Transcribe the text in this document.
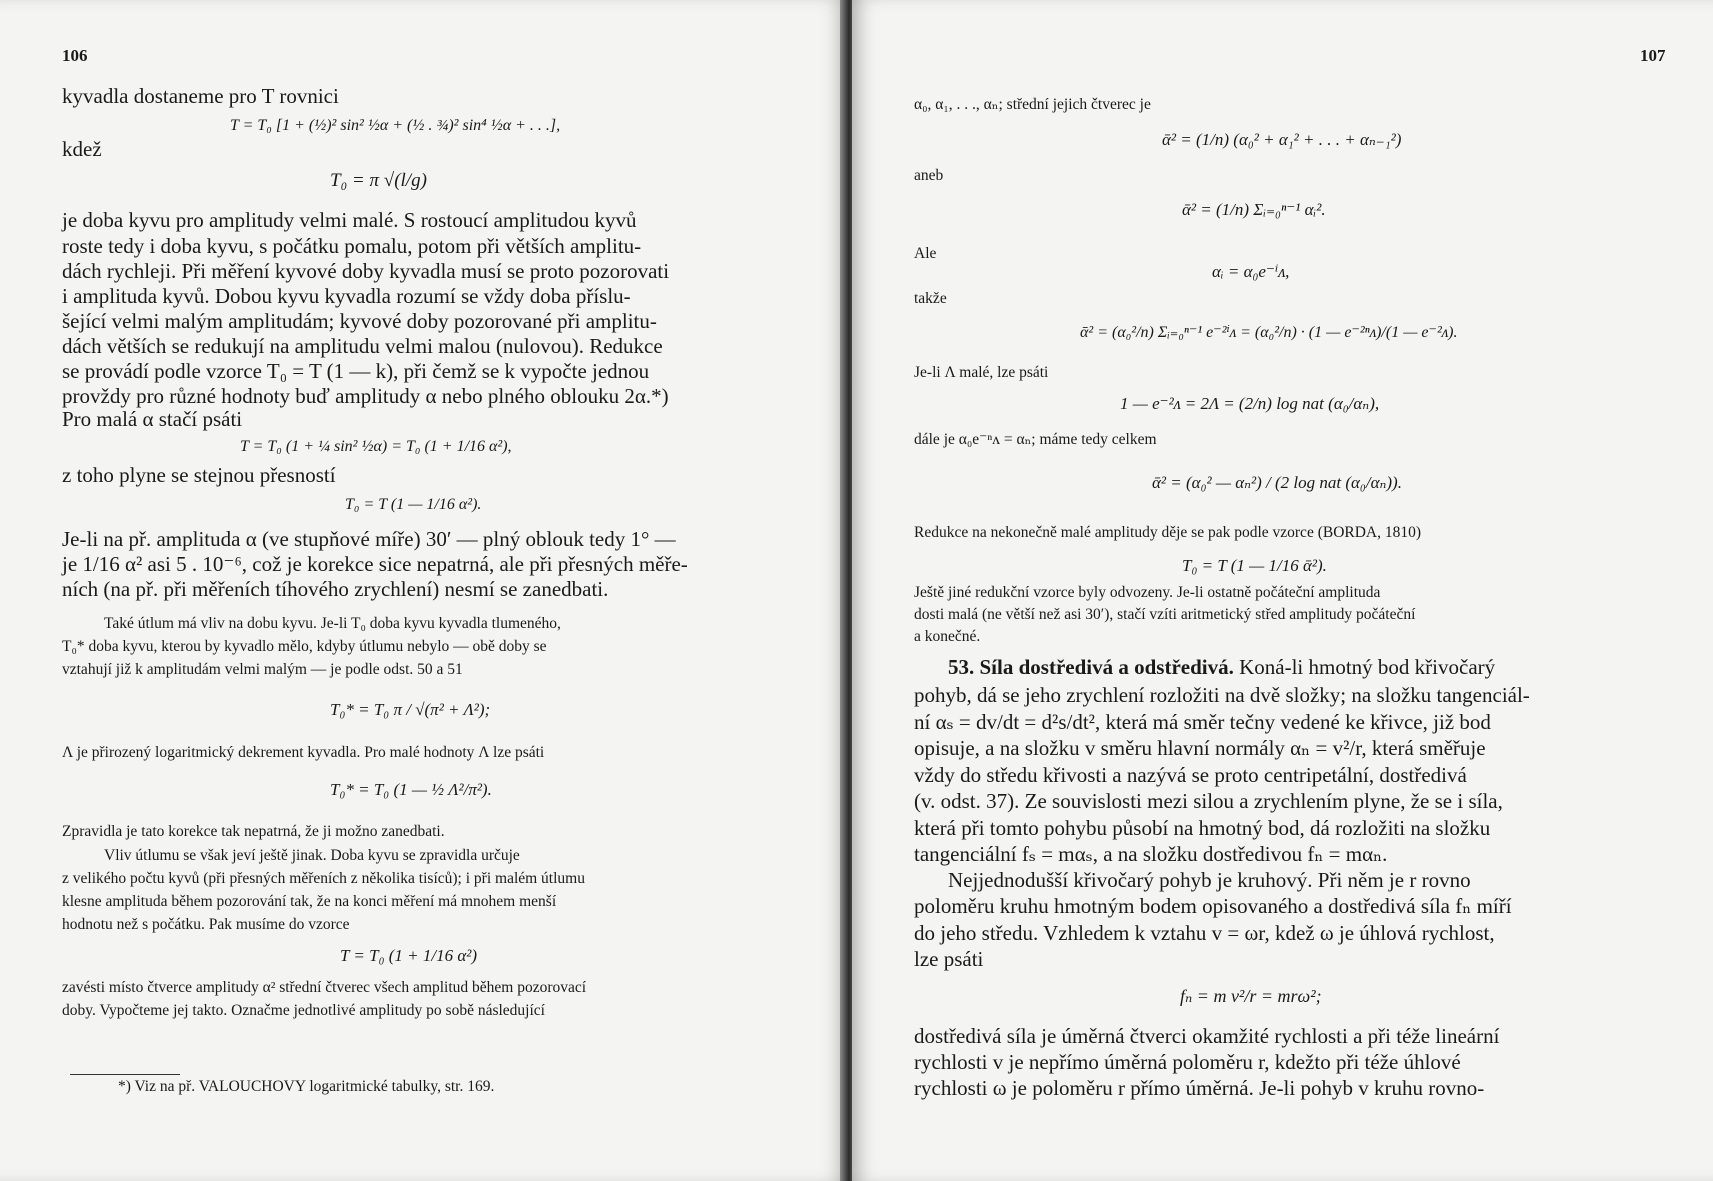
106
kyvadla dostaneme pro T rovnici
T = T₀ [1 + (½)² sin² ½α + (½ . ¾)² sin⁴ ½α + . . .],
kdež
T₀ = π √(l/g)
je doba kyvu pro amplitudy velmi malé. S rostoucí amplitudou kyvů
roste tedy i doba kyvu, s počátku pomalu, potom při větších amplitu-
dách rychleji. Při měření kyvové doby kyvadla musí se proto pozorovati
i amplituda kyvů. Dobou kyvu kyvadla rozumí se vždy doba příslu-
šející velmi malým amplitudám; kyvové doby pozorované při amplitu-
dách větších se redukují na amplitudu velmi malou (nulovou). Redukce
se provádí podle vzorce T₀ = T (1 — k), při čemž se k vypočte jednou
provždy pro různé hodnoty buď amplitudy α nebo plného oblouku 2α.*)
Pro malá α stačí psáti
T = T₀ (1 + ¼ sin² ½α) = T₀ (1 + 1/16 α²),
z toho plyne se stejnou přesností
T₀ = T (1 — 1/16 α²).
Je-li na př. amplituda α (ve stupňové míře) 30′ — plný oblouk tedy 1° —
je 1/16 α² asi 5 . 10⁻⁶, což je korekce sice nepatrná, ale při přesných měře-
ních (na př. při měřeních tíhového zrychlení) nesmí se zanedbati.
Také útlum má vliv na dobu kyvu. Je-li T₀ doba kyvu kyvadla tlumeného,
T₀* doba kyvu, kterou by kyvadlo mělo, kdyby útlumu nebylo — obě doby se
vztahují již k amplitudám velmi malým — je podle odst. 50 a 51
T₀* = T₀ π / √(π² + Λ²);
Λ je přirozený logaritmický dekrement kyvadla. Pro malé hodnoty Λ lze psáti
T₀* = T₀ (1 — ½ Λ²/π²).
Zpravidla je tato korekce tak nepatrná, že ji možno zanedbati.
Vliv útlumu se však jeví ještě jinak. Doba kyvu se zpravidla určuje
z velikého počtu kyvů (při přesných měřeních z několika tisíců); i při malém útlumu
klesne amplituda během pozorování tak, že na konci měření má mnohem menší
hodnotu než s počátku. Pak musíme do vzorce
T = T₀ (1 + 1/16 α²)
zavésti místo čtverce amplitudy α² střední čtverec všech amplitud během pozorovací
doby. Vypočteme jej takto. Označme jednotlivé amplitudy po sobě následující
*) Viz na př. VALOUCHOVY logaritmické tabulky, str. 169.
107
α₀, α₁, . . ., αₙ; střední jejich čtverec je
ᾱ² = (1/n) (α₀² + α₁² + . . . + αₙ₋₁²)
aneb
ᾱ² = (1/n) Σᵢ₌₀ⁿ⁻¹ αᵢ².
Ale
αᵢ = α₀e⁻ⁱᴧ,
takže
ᾱ² = (α₀²/n) Σᵢ₌₀ⁿ⁻¹ e⁻²ⁱᴧ = (α₀²/n) · (1 — e⁻²ⁿᴧ)/(1 — e⁻²ᴧ).
Je-li Λ malé, lze psáti
1 — e⁻²ᴧ = 2Λ = (2/n) log nat (α₀/αₙ),
dále je α₀e⁻ⁿᴧ = αₙ; máme tedy celkem
ᾱ² = (α₀² — αₙ²) / (2 log nat (α₀/αₙ)).
Redukce na nekonečně malé amplitudy děje se pak podle vzorce (BORDA, 1810)
T₀ = T (1 — 1/16 ᾱ²).
Ještě jiné redukční vzorce byly odvozeny. Je-li ostatně počáteční amplituda
dosti malá (ne větší než asi 30′), stačí vzíti aritmetický střed amplitudy počáteční
a konečné.
53. Síla dostředivá a odstředivá. Koná-li hmotný bod křivočarý
pohyb, dá se jeho zrychlení rozložiti na dvě složky; na složku tangenciál-
ní αₛ = dv/dt = d²s/dt², která má směr tečny vedené ke křivce, již bod
opisuje, a na složku v směru hlavní normály αₙ = v²/r, která směřuje
vždy do středu křivosti a nazývá se proto centripetální, dostředivá
(v. odst. 37). Ze souvislosti mezi silou a zrychlením plyne, že se i síla,
která při tomto pohybu působí na hmotný bod, dá rozložiti na složku
tangenciální fₛ = mαₛ, a na složku dostředivou fₙ = mαₙ.
Nejjednodušší křivočarý pohyb je kruhový. Při něm je r rovno
poloměru kruhu hmotným bodem opisovaného a dostředivá síla fₙ míří
do jeho středu. Vzhledem k vztahu v = ωr, kdež ω je úhlová rychlost,
lze psáti
fₙ = m v²/r = mrω²;
dostředivá síla je úměrná čtverci okamžité rychlosti a při téže lineární
rychlosti v je nepřímo úměrná poloměru r, kdežto při téže úhlové
rychlosti ω je poloměru r přímo úměrná. Je-li pohyb v kruhu rovno-
